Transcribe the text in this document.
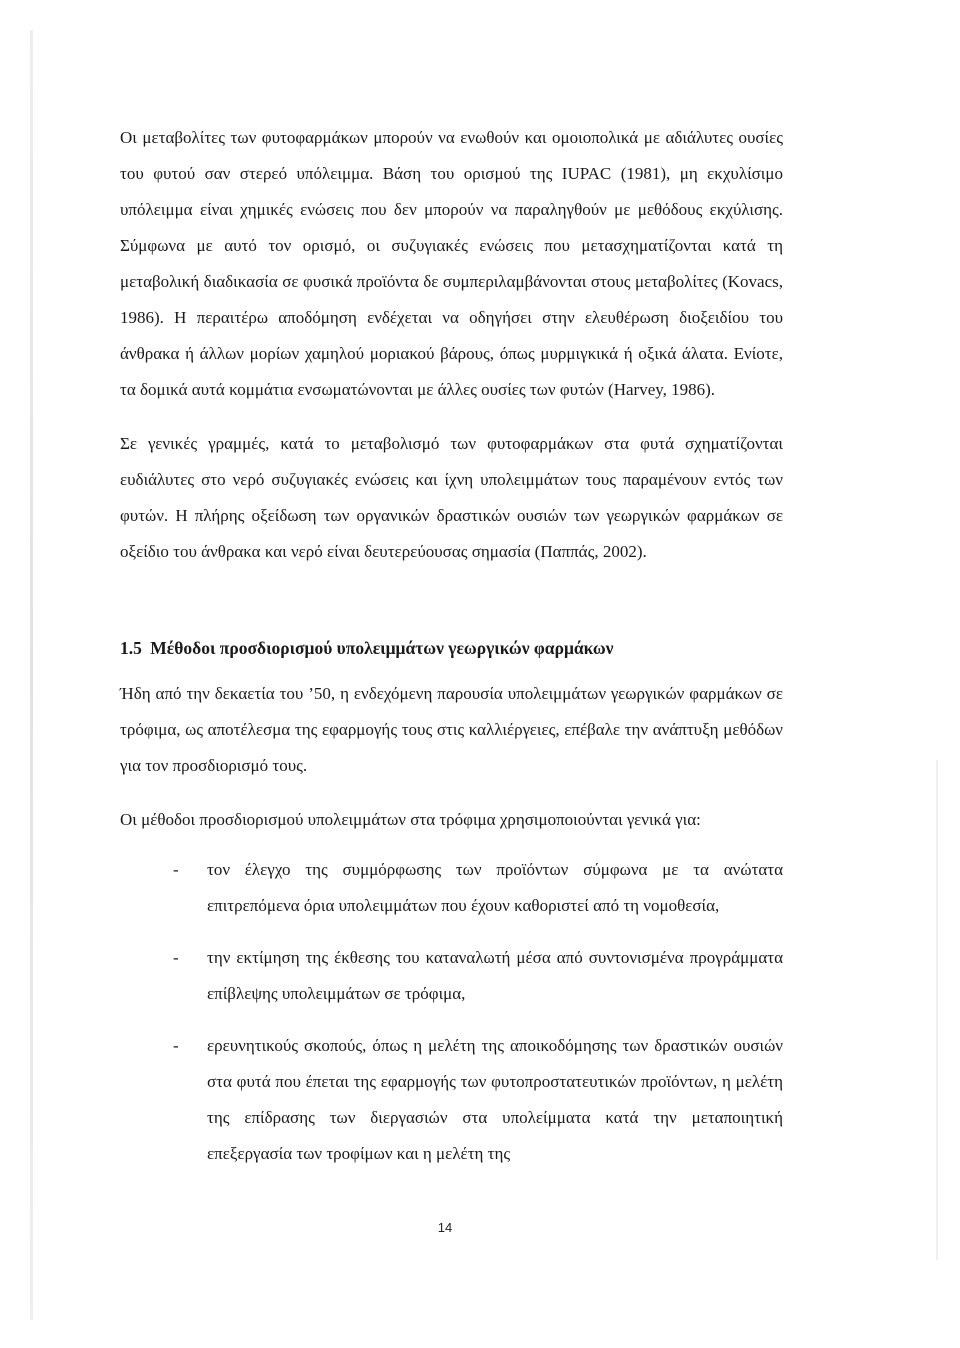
Οι μεταβολίτες των φυτοφαρμάκων μπορούν να ενωθούν και ομοιοπολικά με αδιάλυτες ουσίες του φυτού σαν στερεό υπόλειμμα. Βάση του ορισμού της IUPAC (1981), μη εκχυλίσιμο υπόλειμμα είναι χημικές ενώσεις που δεν μπορούν να παραληγθούν με μεθόδους εκχύλισης. Σύμφωνα με αυτό τον ορισμό, οι συζυγιακές ενώσεις που μετασχηματίζονται κατά τη μεταβολική διαδικασία σε φυσικά προϊόντα δε συμπεριλαμβάνονται στους μεταβολίτες (Kovacs, 1986). Η περαιτέρω αποδόμηση ενδέχεται να οδηγήσει στην ελευθέρωση διοξειδίου του άνθρακα ή άλλων μορίων χαμηλού μοριακού βάρους, όπως μυρμιγκικά ή οξικά άλατα. Ενίοτε, τα δομικά αυτά κομμάτια ενσωματώνονται με άλλες ουσίες των φυτών (Harvey, 1986).

Σε γενικές γραμμές, κατά το μεταβολισμό των φυτοφαρμάκων στα φυτά σχηματίζονται ευδιάλυτες στο νερό συζυγιακές ενώσεις και ίχνη υπολειμμάτων τους παραμένουν εντός των φυτών. Η πλήρης οξείδωση των οργανικών δραστικών ουσιών των γεωργικών φαρμάκων σε οξείδιο του άνθρακα και νερό είναι δευτερεύουσας σημασία (Παππάς, 2002).

1.5 Μέθοδοι προσδιορισμού υπολειμμάτων γεωργικών φαρμάκων

Ήδη από την δεκαετία του ’50, η ενδεχόμενη παρουσία υπολειμμάτων γεωργικών φαρμάκων σε τρόφιμα, ως αποτέλεσμα της εφαρμογής τους στις καλλιέργειες, επέβαλε την ανάπτυξη μεθόδων για τον προσδιορισμό τους.

Οι μέθοδοι προσδιορισμού υπολειμμάτων στα τρόφιμα χρησιμοποιούνται γενικά για:

- τον έλεγχο της συμμόρφωσης των προϊόντων σύμφωνα με τα ανώτατα επιτρεπόμενα όρια υπολειμμάτων που έχουν καθοριστεί από τη νομοθεσία,
- την εκτίμηση της έκθεσης του καταναλωτή μέσα από συντονισμένα προγράμματα επίβλεψης υπολειμμάτων σε τρόφιμα,
- ερευνητικούς σκοπούς, όπως η μελέτη της αποικοδόμησης των δραστικών ουσιών στα φυτά που έπεται της εφαρμογής των φυτοπροστατευτικών προϊόντων, η μελέτη της επίδρασης των διεργασιών στα υπολείμματα κατά την μεταποιητική επεξεργασία των τροφίμων και η μελέτη της
14
